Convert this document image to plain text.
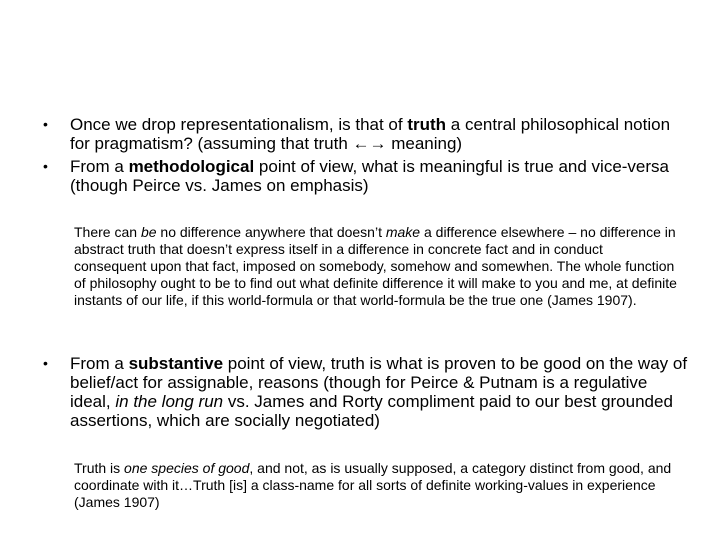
• Once we drop representationalism, is that of truth a central philosophical notion for pragmatism? (assuming that truth ←→ meaning)
• From a methodological point of view, what is meaningful is true and vice-versa (though Peirce vs. James on emphasis)
There can be no difference anywhere that doesn’t make a difference elsewhere – no difference in abstract truth that doesn’t express itself in a difference in concrete fact and in conduct consequent upon that fact, imposed on somebody, somehow and somewhen. The whole function of philosophy ought to be to find out what definite difference it will make to you and me, at definite instants of our life, if this world-formula or that world-formula be the true one (James 1907).
• From a substantive point of view, truth is what is proven to be good on the way of belief/act for assignable, reasons (though for Peirce & Putnam is a regulative ideal, in the long run vs. James and Rorty compliment paid to our best grounded assertions, which are socially negotiated)
Truth is one species of good, and not, as is usually supposed, a category distinct from good, and coordinate with it…Truth [is] a class-name for all sorts of definite working-values in experience (James 1907)
